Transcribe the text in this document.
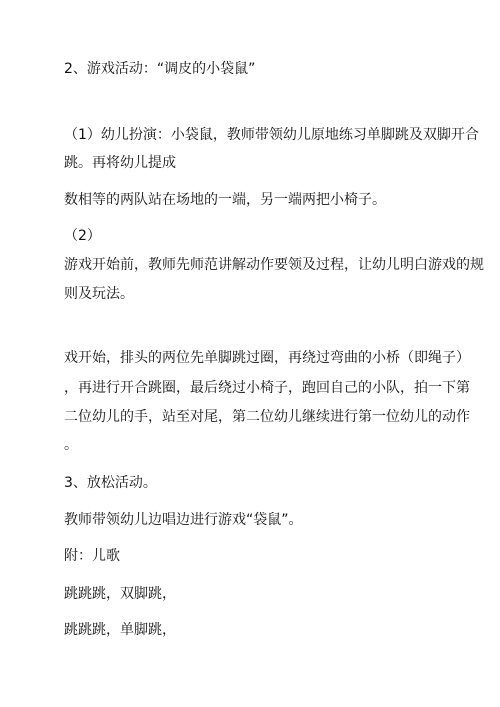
2、游戏活动：“调皮的小袋鼠”
（1）幼儿扮演：小袋鼠，教师带领幼儿原地练习单脚跳及双脚开合
跳。再将幼儿提成
数相等的两队站在场地的一端，另一端两把小椅子。
（2）
游戏开始前，教师先师范讲解动作要领及过程，让幼儿明白游戏的规
则及玩法。
戏开始，排头的两位先单脚跳过圈，再绕过弯曲的小桥（即绳子）
，再进行开合跳圈，最后绕过小椅子，跑回自己的小队，拍一下第
二位幼儿的手，站至对尾，第二位幼儿继续进行第一位幼儿的动作
。
3、放松活动。
教师带领幼儿边唱边进行游戏“袋鼠”。
附：儿歌
跳跳跳，双脚跳，
跳跳跳，单脚跳，
